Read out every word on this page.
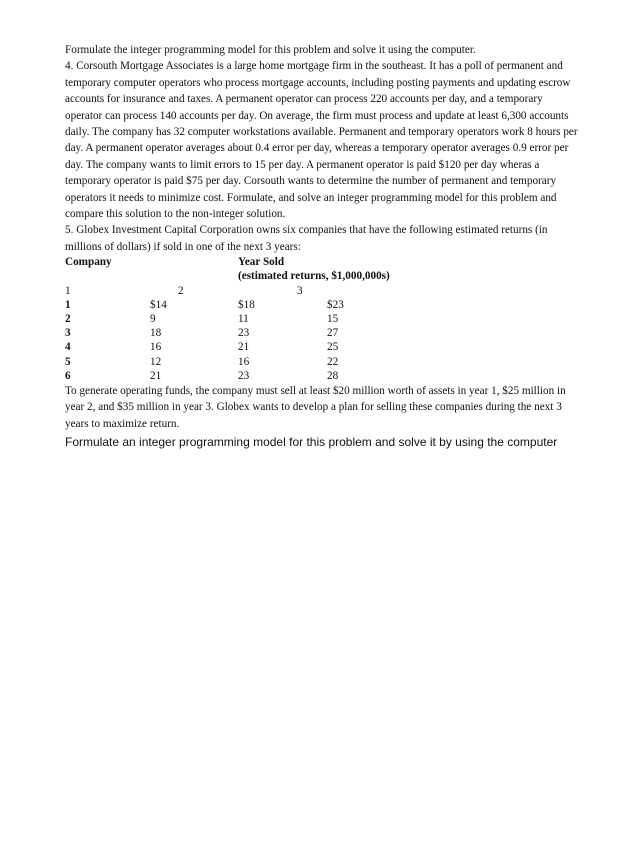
Formulate the integer programming model for this problem and solve it using the computer.
4. Corsouth Mortgage Associates is a large home mortgage firm in the southeast. It has a poll of permanent and
temporary computer operators who process mortgage accounts, including posting payments and updating escrow
accounts for insurance and taxes. A permanent operator can process 220 accounts per day, and a temporary
operator can process 140 accounts per day. On average, the firm must process and update at least 6,300 accounts
daily. The company has 32 computer workstations available. Permanent and temporary operators work 8 hours per
day. A permanent operator averages about 0.4 error per day, whereas a temporary operator averages 0.9 error per
day. The company wants to limit errors to 15 per day. A permanent operator is paid $120 per day wheras a
temporary operator is paid $75 per day. Corsouth wants to determine the number of permanent and temporary
operators it needs to minimize cost. Formulate, and solve an integer programming model for this problem and
compare this solution to the non-integer solution.
5. Globex Investment Capital Corporation owns six companies that have the following estimated returns (in
millions of dollars) if sold in one of the next 3 years:
Company	Year Sold
(estimated returns, $1,000,000s)
1	2	3
1	$14	$18	$23
2	9	11	15
3	18	23	27
4	16	21	25
5	12	16	22
6	21	23	28
To generate operating funds, the company must sell at least $20 million worth of assets in year 1, $25 million in
year 2, and $35 million in year 3. Globex wants to develop a plan for selling these companies during the next 3
years to maximize return.
Formulate an integer programming model for this problem and solve it by using the computer
